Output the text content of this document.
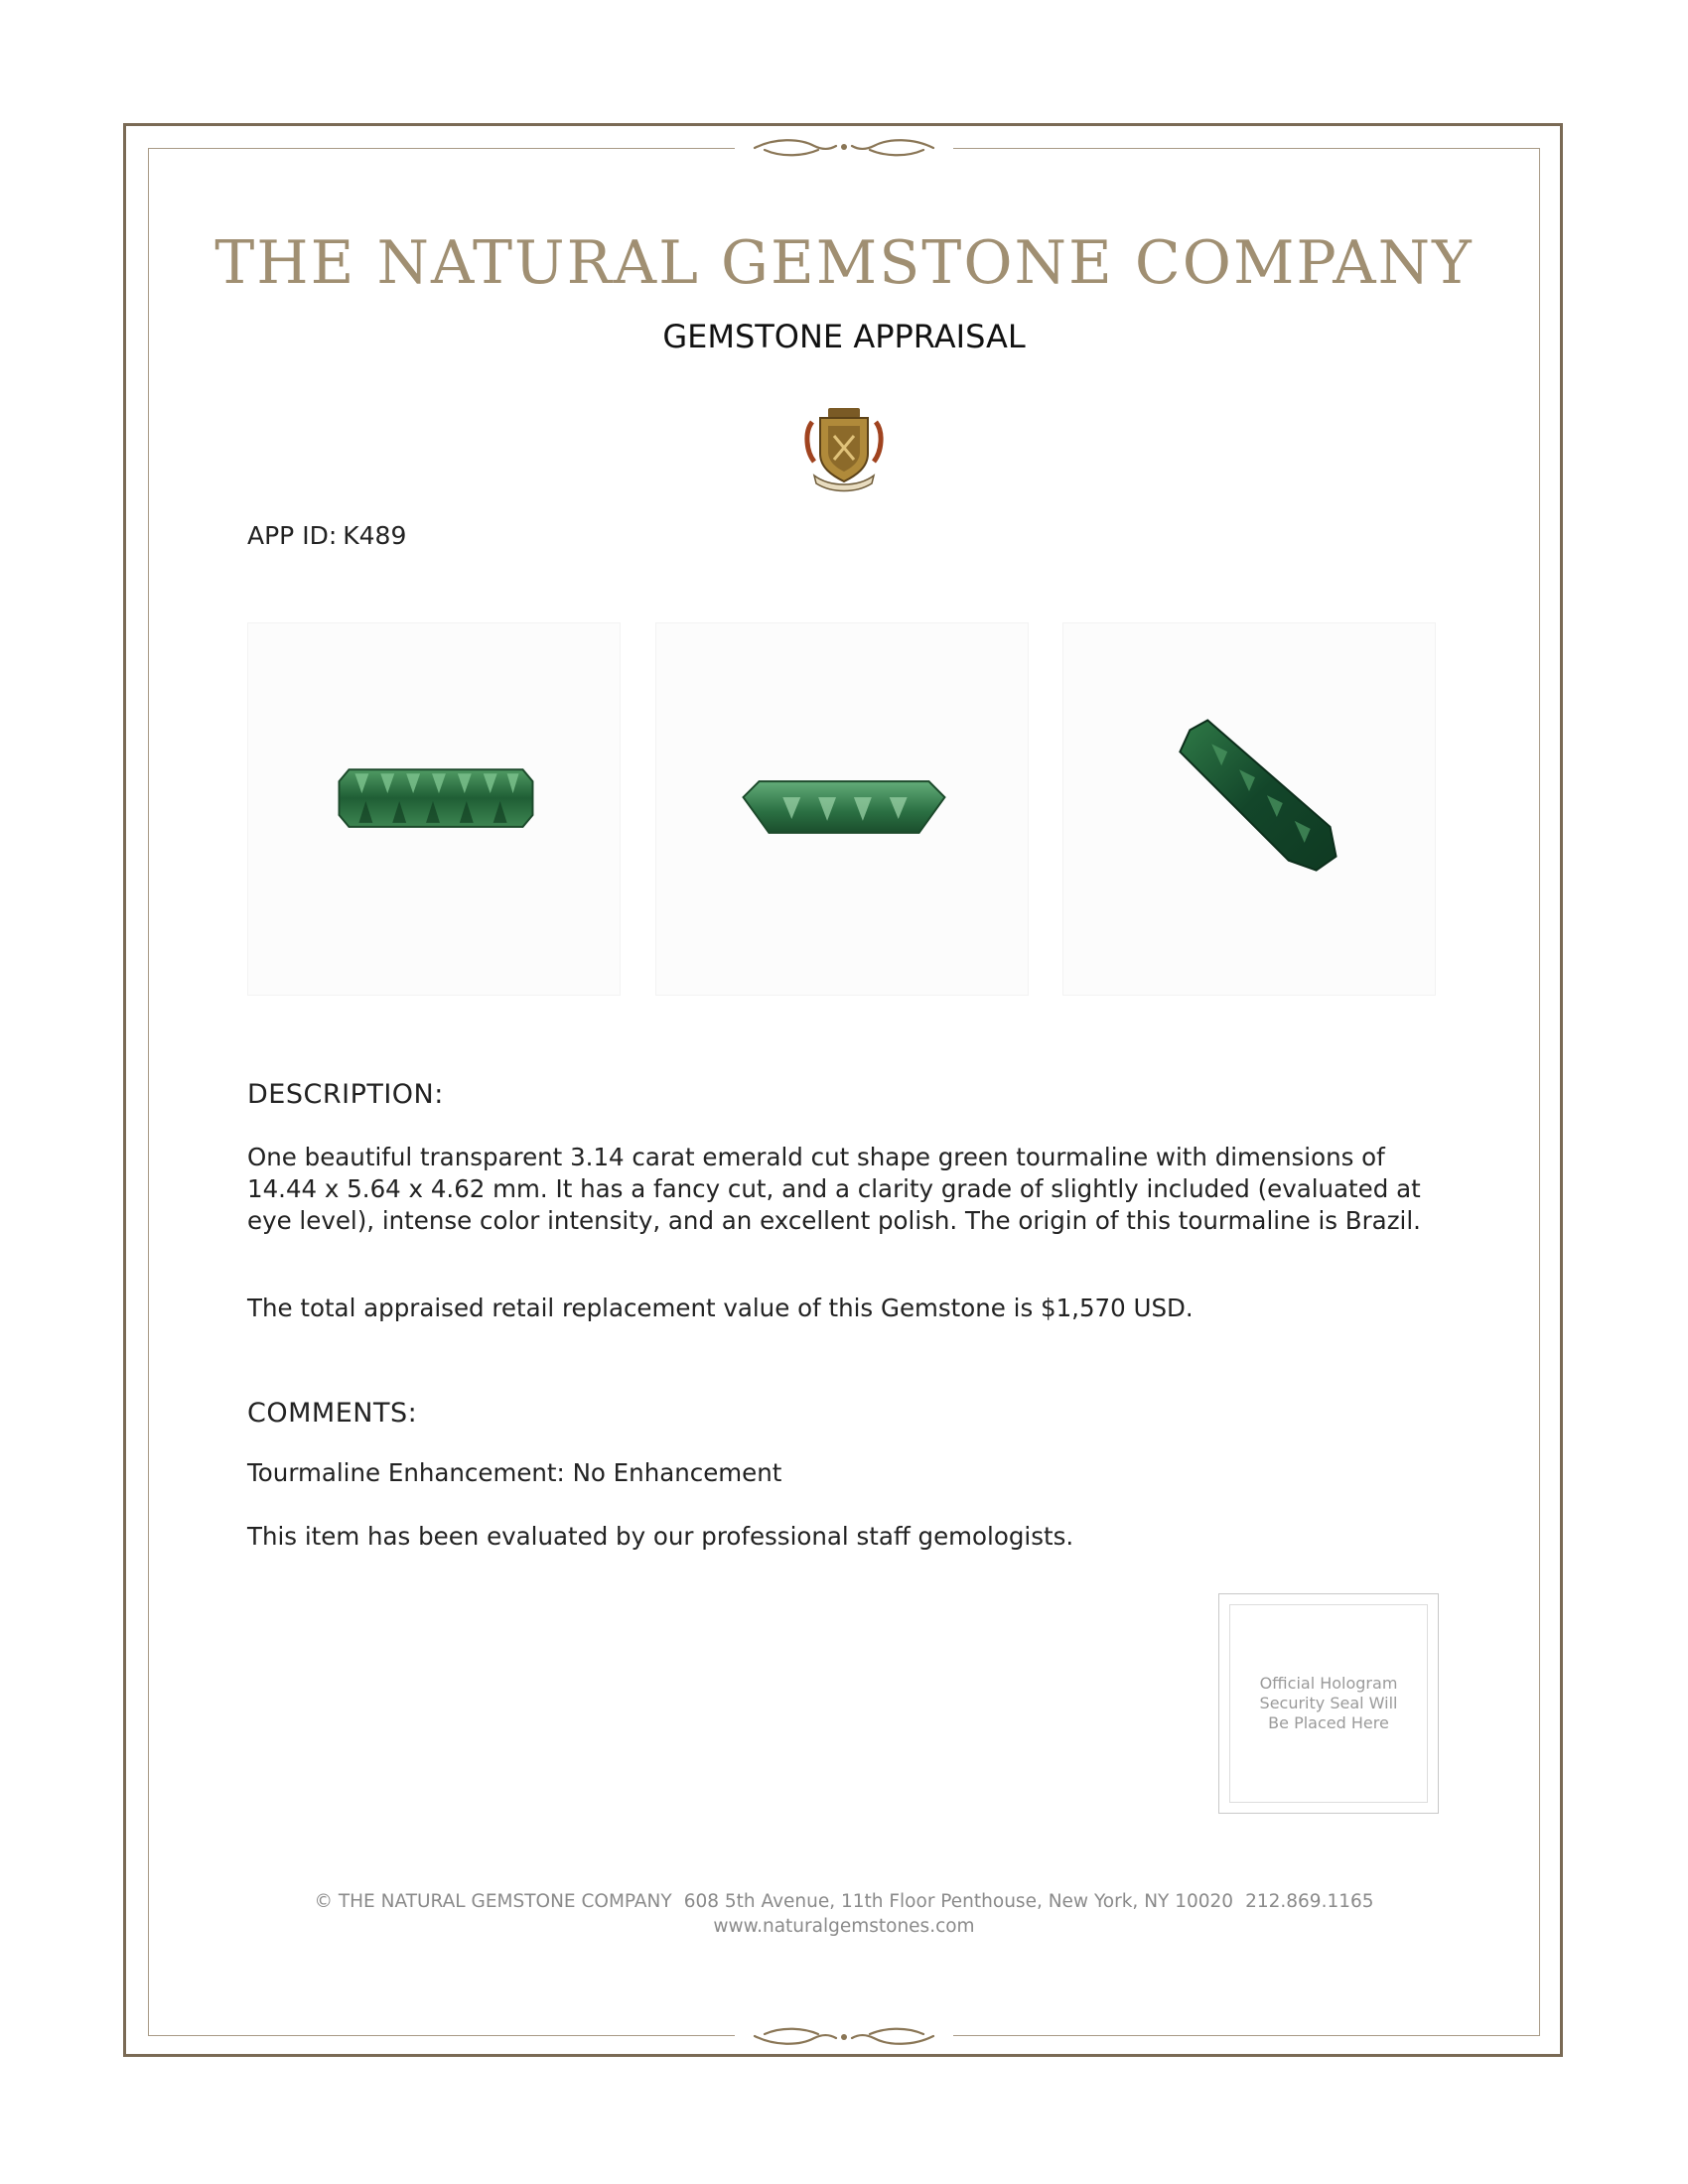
THE NATURAL GEMSTONE COMPANY
GEMSTONE APPRAISAL
APP ID: K489
DESCRIPTION:
One beautiful transparent 3.14 carat emerald cut shape green tourmaline with dimensions of 14.44 x 5.64 x 4.62 mm. It has a fancy cut, and a clarity grade of slightly included (evaluated at eye level), intense color intensity, and an excellent polish. The origin of this tourmaline is Brazil.
The total appraised retail replacement value of this Gemstone is $1,570 USD.
COMMENTS:
Tourmaline Enhancement: No Enhancement
This item has been evaluated by our professional staff gemologists.
Official Hologram Security Seal Will Be Placed Here
© THE NATURAL GEMSTONE COMPANY 608 5th Avenue, 11th Floor Penthouse, New York, NY 10020 212.869.1165
www.naturalgemstones.com
